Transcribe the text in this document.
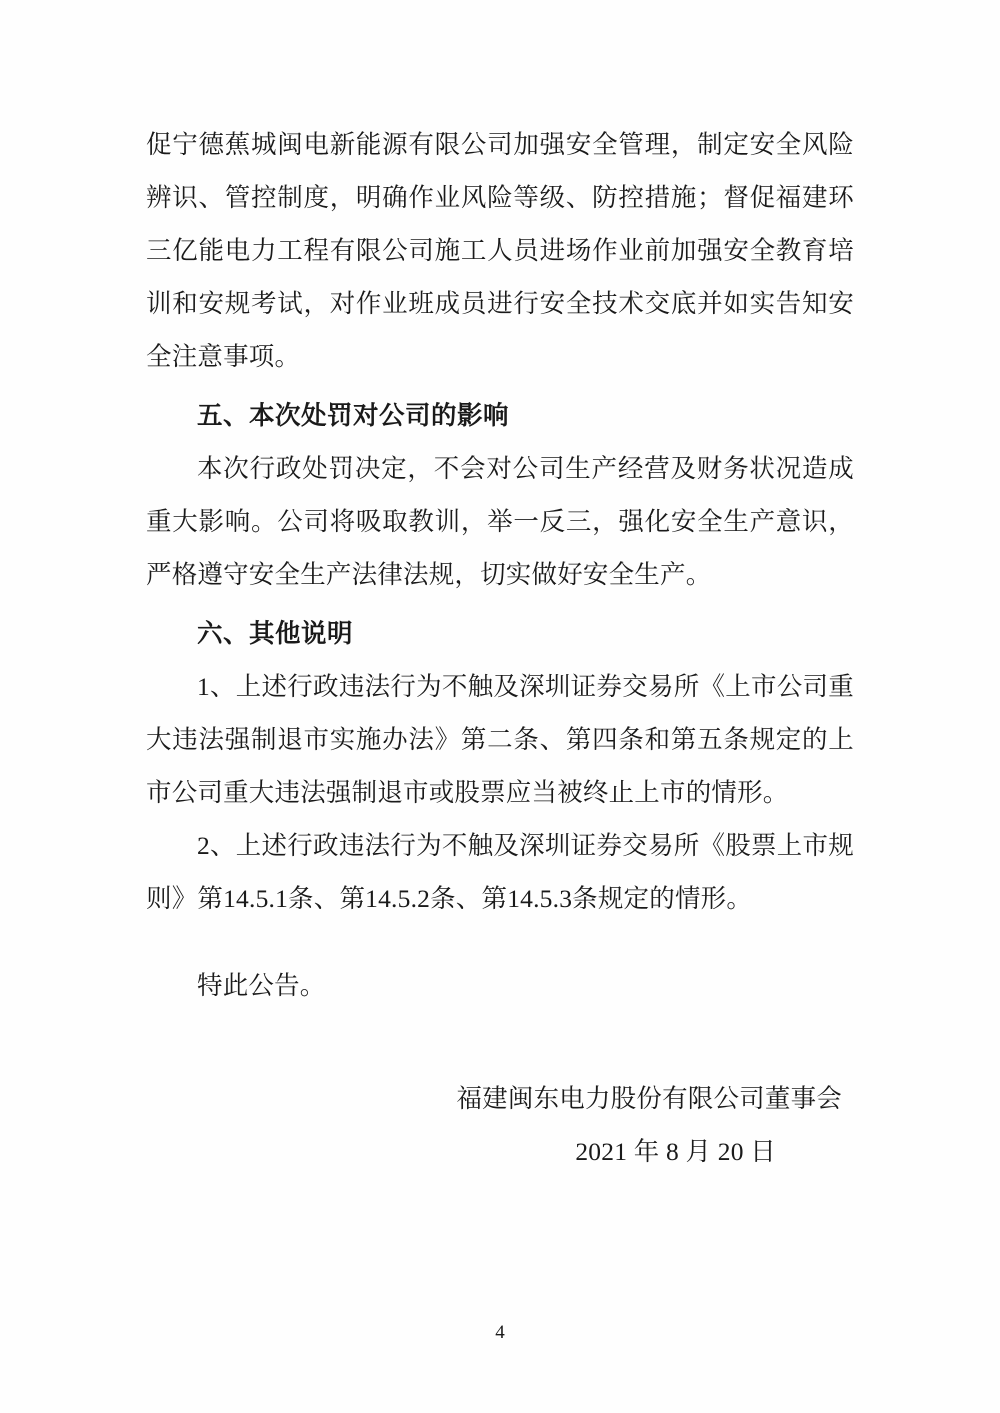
促宁德蕉城闽电新能源有限公司加强安全管理，制定安全风险辨识、管控制度，明确作业风险等级、防控措施；督促福建环三亿能电力工程有限公司施工人员进场作业前加强安全教育培训和安规考试，对作业班成员进行安全技术交底并如实告知安全注意事项。

五、本次处罚对公司的影响

本次行政处罚决定，不会对公司生产经营及财务状况造成重大影响。公司将吸取教训，举一反三，强化安全生产意识，严格遵守安全生产法律法规，切实做好安全生产。

六、其他说明

1、上述行政违法行为不触及深圳证券交易所《上市公司重大违法强制退市实施办法》第二条、第四条和第五条规定的上市公司重大违法强制退市或股票应当被终止上市的情形。

2、上述行政违法行为不触及深圳证券交易所《股票上市规则》第14.5.1条、第14.5.2条、第14.5.3条规定的情形。

特此公告。

福建闽东电力股份有限公司董事会

2021 年 8 月 20 日

4
